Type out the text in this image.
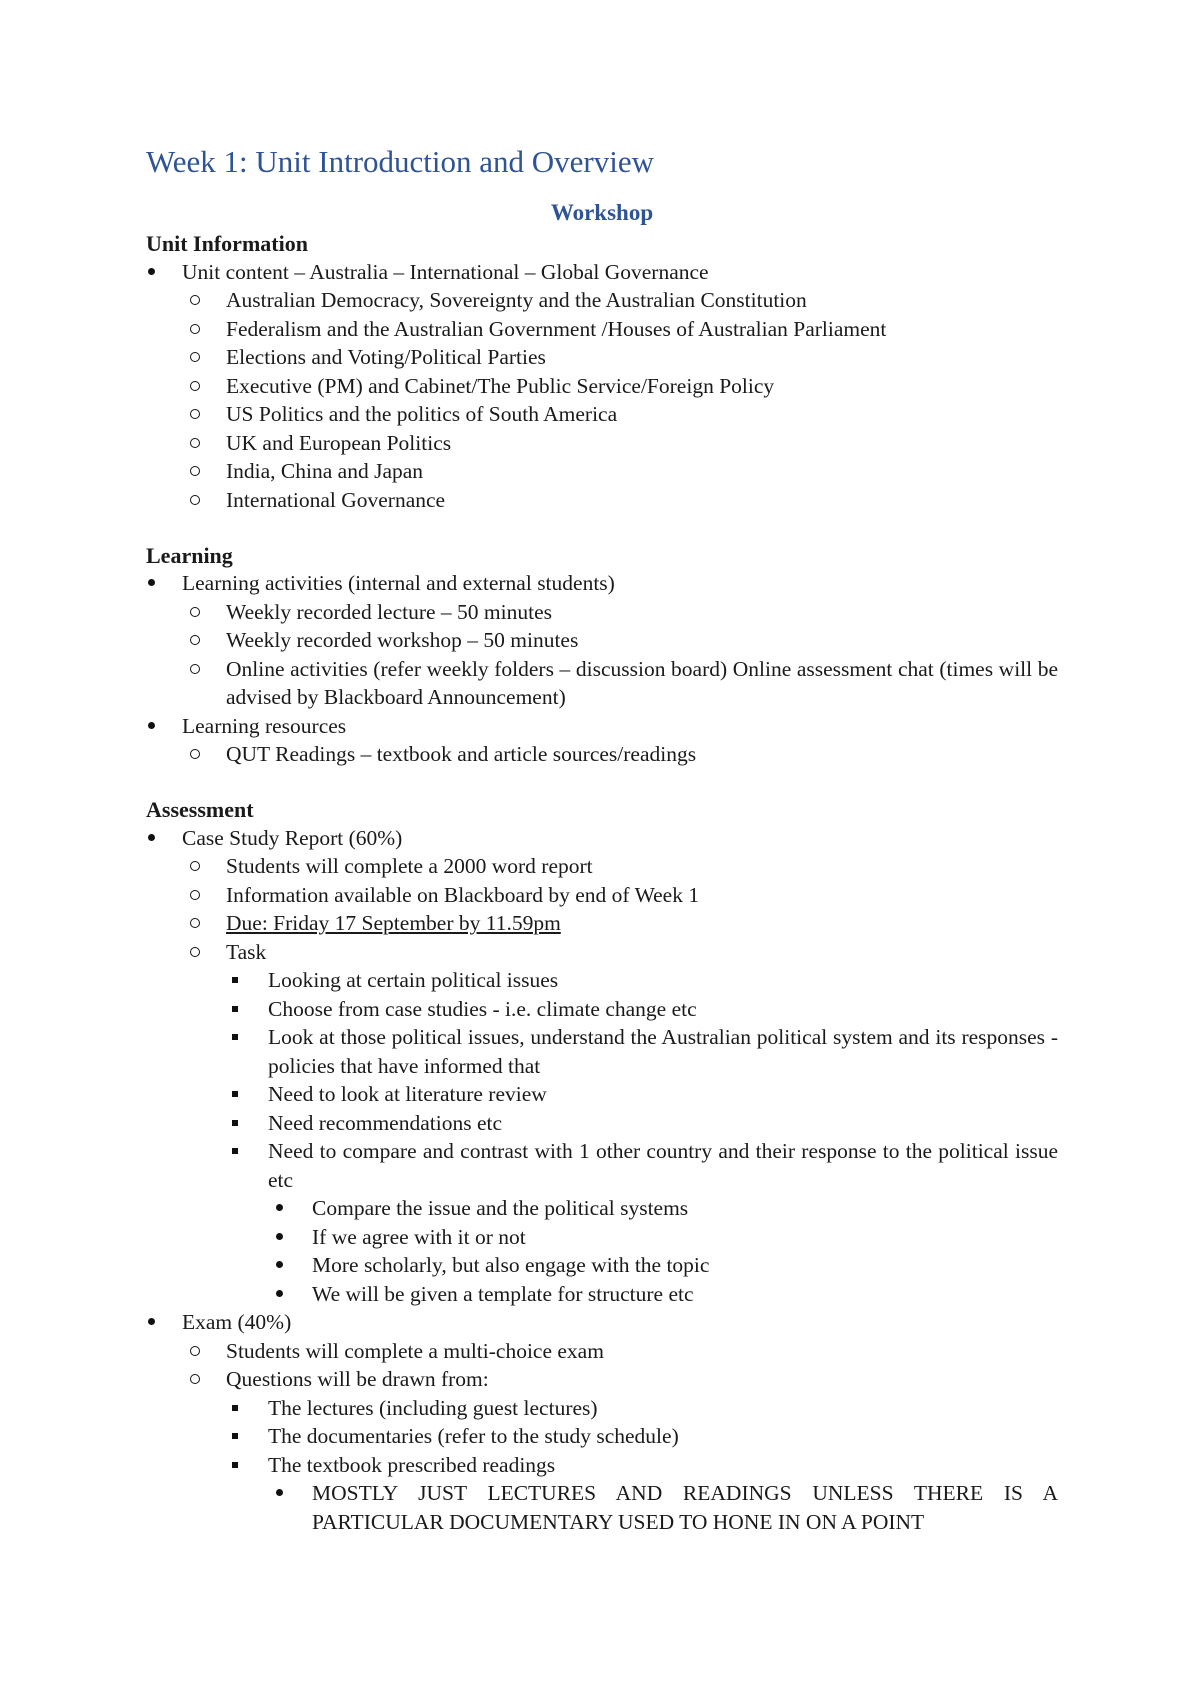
Week 1: Unit Introduction and Overview
Workshop
Unit Information
Unit content – Australia – International – Global Governance
Australian Democracy, Sovereignty and the Australian Constitution
Federalism and the Australian Government /Houses of Australian Parliament
Elections and Voting/Political Parties
Executive (PM) and Cabinet/The Public Service/Foreign Policy
US Politics and the politics of South America
UK and European Politics
India, China and Japan
International Governance
Learning
Learning activities (internal and external students)
Weekly recorded lecture – 50 minutes
Weekly recorded workshop – 50 minutes
Online activities (refer weekly folders – discussion board) Online assessment chat (times will be advised by Blackboard Announcement)
Learning resources
QUT Readings – textbook and article sources/readings
Assessment
Case Study Report (60%)
Students will complete a 2000 word report
Information available on Blackboard by end of Week 1
Due: Friday 17 September by 11.59pm
Task
Looking at certain political issues
Choose from case studies - i.e. climate change etc
Look at those political issues, understand the Australian political system and its responses - policies that have informed that
Need to look at literature review
Need recommendations etc
Need to compare and contrast with 1 other country and their response to the political issue etc
Compare the issue and the political systems
If we agree with it or not
More scholarly, but also engage with the topic
We will be given a template for structure etc
Exam (40%)
Students will complete a multi-choice exam
Questions will be drawn from:
The lectures (including guest lectures)
The documentaries (refer to the study schedule)
The textbook prescribed readings
MOSTLY JUST LECTURES AND READINGS UNLESS THERE IS A PARTICULAR DOCUMENTARY USED TO HONE IN ON A POINT
